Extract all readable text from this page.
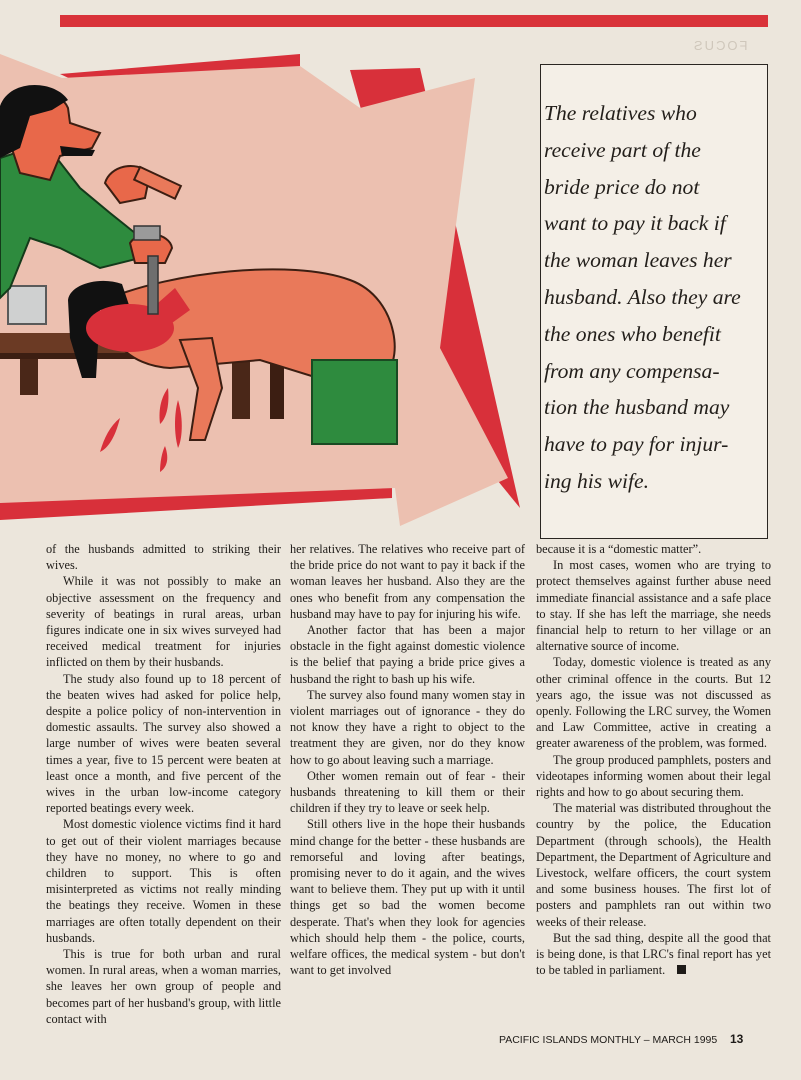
FOCUS

The relatives who
receive part of the
bride price do not
want to pay it back if
the woman leaves her
husband. Also they are
the ones who benefit
from any compensa-
tion the husband may
have to pay for injur-
ing his wife.

of the husbands admitted to striking their wives.

While it was not possibly to make an objective assessment on the frequency and severity of beatings in rural areas, urban figures indicate one in six wives surveyed had received medical treatment for injuries inflicted on them by their husbands.

The study also found up to 18 percent of the beaten wives had asked for police help, despite a police policy of non-intervention in domestic assaults. The survey also showed a large number of wives were beaten several times a year, five to 15 percent were beaten at least once a month, and five percent of the wives in the urban low-income category reported beatings every week.

Most domestic violence victims find it hard to get out of their violent marriages because they have no money, no where to go and children to support. This is often misinterpreted as victims not really minding the beatings they receive. Women in these marriages are often totally dependent on their husbands.

This is true for both urban and rural women. In rural areas, when a woman marries, she leaves her own group of people and becomes part of her husband's group, with little contact with

her relatives. The relatives who receive part of the bride price do not want to pay it back if the woman leaves her husband. Also they are the ones who benefit from any compensation the husband may have to pay for injuring his wife.

Another factor that has been a major obstacle in the fight against domestic violence is the belief that paying a bride price gives a husband the right to bash up his wife.

The survey also found many women stay in violent marriages out of ignorance - they do not know they have a right to object to the treatment they are given, nor do they know how to go about leaving such a marriage.

Other women remain out of fear - their husbands threatening to kill them or their children if they try to leave or seek help.

Still others live in the hope their husbands mind change for the better - these husbands are remorseful and loving after beatings, promising never to do it again, and the wives want to believe them. They put up with it until things get so bad the women become desperate. That's when they look for agencies which should help them - the police, courts, welfare offices, the medical system - but don't want to get involved

because it is a “domestic matter”.

In most cases, women who are trying to protect themselves against further abuse need immediate financial assistance and a safe place to stay. If she has left the marriage, she needs financial help to return to her village or an alternative source of income.

Today, domestic violence is treated as any other criminal offence in the courts. But 12 years ago, the issue was not discussed as openly. Following the LRC survey, the Women and Law Committee, active in creating a greater awareness of the problem, was formed.

The group produced pamphlets, posters and videotapes informing women about their legal rights and how to go about securing them.

The material was distributed throughout the country by the police, the Education Department (through schools), the Health Department, the Department of Agriculture and Livestock, welfare officers, the court system and some business houses. The first lot of posters and pamphlets ran out within two weeks of their release.

But the sad thing, despite all the good that is being done, is that LRC's final report has yet to be tabled in parliament.

PACIFIC ISLANDS MONTHLY – MARCH 1995 13
